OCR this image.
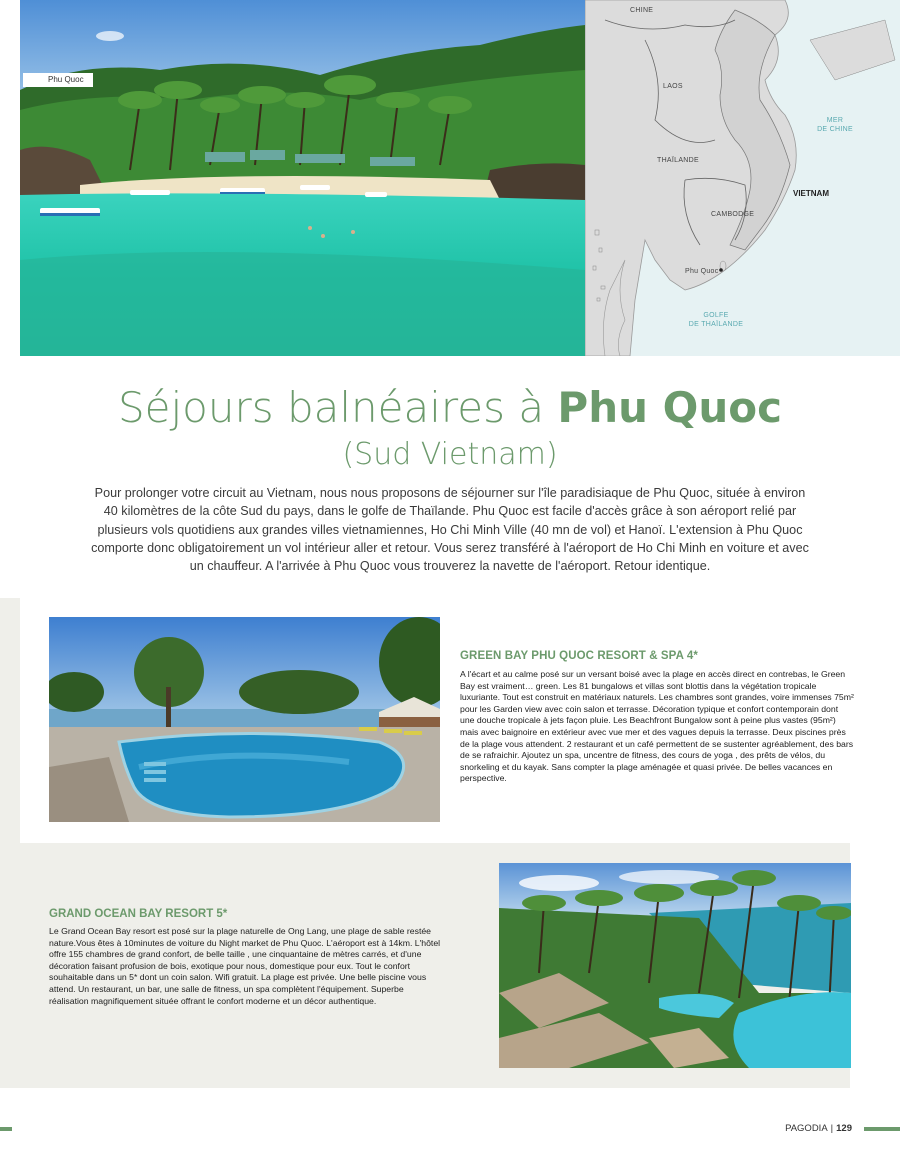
Phu Quoc
CHINE
LAOS
THAÏLANDE
VIETNAM
CAMBODGE
Phu Quoc
MER
DE CHINE
GOLFE
DE THAÏLANDE
Séjours balnéaires à Phu Quoc
(Sud Vietnam)
Pour prolonger votre circuit au Vietnam, nous nous proposons de séjourner sur l'île paradisiaque de Phu Quoc, située à environ 40 kilomètres de la côte Sud du pays, dans le golfe de Thaïlande. Phu Quoc est facile d'accès grâce à son aéroport relié par plusieurs vols quotidiens aux grandes villes vietnamiennes, Ho Chi Minh Ville (40 mn de vol) et Hanoï. L'extension à Phu Quoc comporte donc obligatoirement un vol intérieur aller et retour. Vous serez transféré à l'aéroport de Ho Chi Minh en voiture et avec un chauffeur. A l'arrivée à Phu Quoc vous trouverez la navette de l'aéroport. Retour identique.
GREEN BAY PHU QUOC RESORT & SPA 4*
A l'écart et au calme posé sur un versant boisé avec la plage en accès direct en contrebas, le Green Bay est vraiment… green. Les 81 bungalows et villas sont blottis dans la végétation tropicale luxuriante. Tout est construit en matériaux naturels. Les chambres sont grandes, voire immenses 75m² pour les Garden view avec coin salon et terrasse. Décoration typique et confort contemporain dont une douche tropicale à jets façon pluie. Les Beachfront Bungalow sont à peine plus vastes (95m²) mais avec baignoire en extérieur avec vue mer et des vagues depuis la terrasse. Deux piscines près de la plage vous attendent. 2 restaurant et un café permettent de se sustenter agréablement, des bars de se rafraichir. Ajoutez un spa, uncentre de fitness, des cours de yoga , des prêts de vélos, du snorkeling et du kayak. Sans compter la plage aménagée et quasi privée. De belles vacances en perspective.
GRAND OCEAN BAY RESORT 5*
Le Grand Ocean Bay resort est posé sur la plage naturelle de Ong Lang, une plage de sable restée nature.Vous êtes à 10minutes de voiture du Night market de Phu Quoc. L'aéroport est à 14km. L'hôtel offre 155 chambres de grand confort, de belle taille , une cinquantaine de mètres carrés, et d'une décoration faisant profusion de bois, exotique pour nous, domestique pour eux. Tout le confort souhaitable dans un 5* dont un coin salon. Wifi gratuit. La plage est privée. Une belle piscine vous attend. Un restaurant, un bar, une salle de fitness, un spa complètent l'équipement. Superbe réalisation magnifiquement située offrant le confort moderne et un décor authentique.
PAGODIA | 129
